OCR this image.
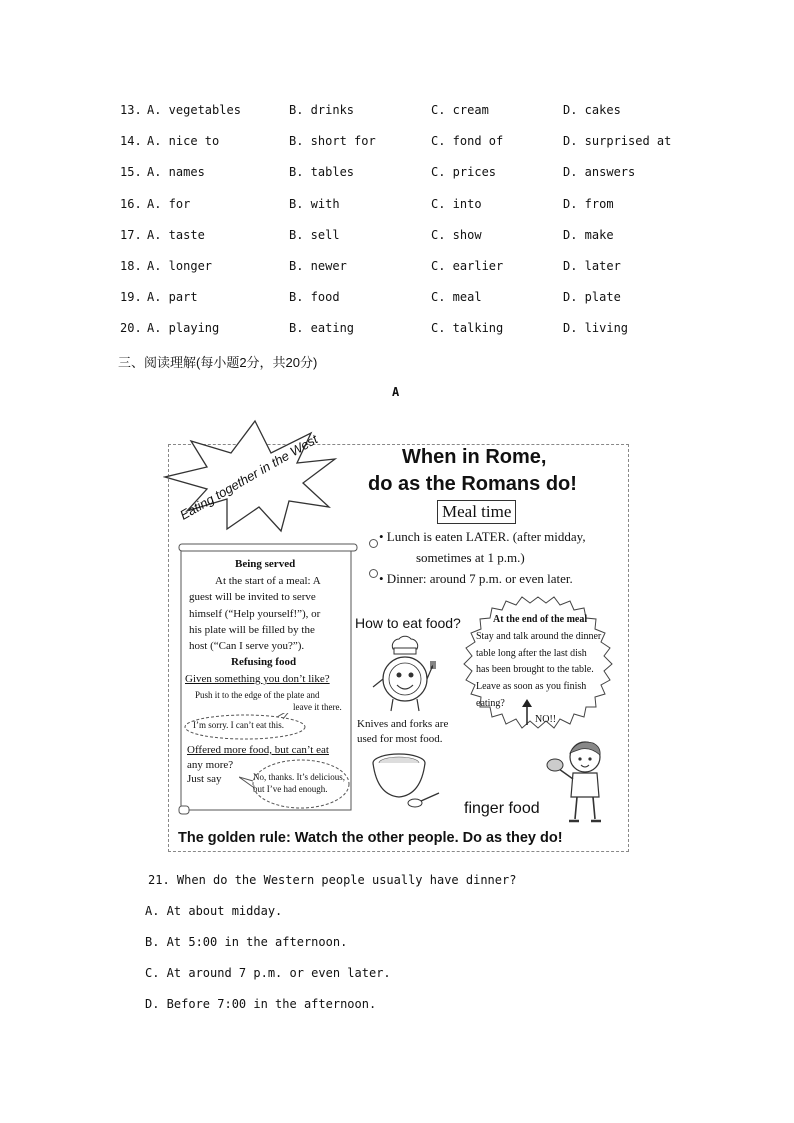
13. A. vegetables	B. drinks	C. cream	D. cakes
14. A. nice to	B. short for	C. fond of	D. surprised at
15. A. names	B. tables	C. prices	D. answers
16. A. for	B. with	C. into	D. from
17. A. taste	B. sell	C. show	D. make
18. A. longer	B. newer	C. earlier	D. later
19. A. part	B. food	C. meal	D. plate
20. A. playing	B. eating	C. talking	D. living
三、阅读理解(每小题2分，共20分)
A
Eating together in the West	When in Rome,
do as the Romans do!
Meal time
• Lunch is eaten LATER. (after midday,
sometimes at 1 p.m.)
• Dinner: around 7 p.m. or even later.
Being served
At the start of a meal: A
guest will be invited to serve
himself (“Help yourself!”), or
his plate will be filled by the
host (“Can I serve you?”).
Refusing food
Given something you don’t like?
Push it to the edge of the plate and
leave it there.
I’m sorry. I can’t eat this.
Offered more food, but can’t eat
any more?
Just say	No, thanks. It’s delicious,
but I’ve had enough.
How to eat food?
Knives and forks are
used for most food.
At the end of the meal
Stay and talk around the dinner
table long after the last dish
has been brought to the table.
Leave as soon as you finish
eating?
NO!!
finger food
The golden rule: Watch the other people. Do as they do!
21. When do the Western people usually have dinner?
A. At about midday.
B. At 5:00 in the afternoon.
C. At around 7 p.m. or even later.
D. Before 7:00 in the afternoon.
